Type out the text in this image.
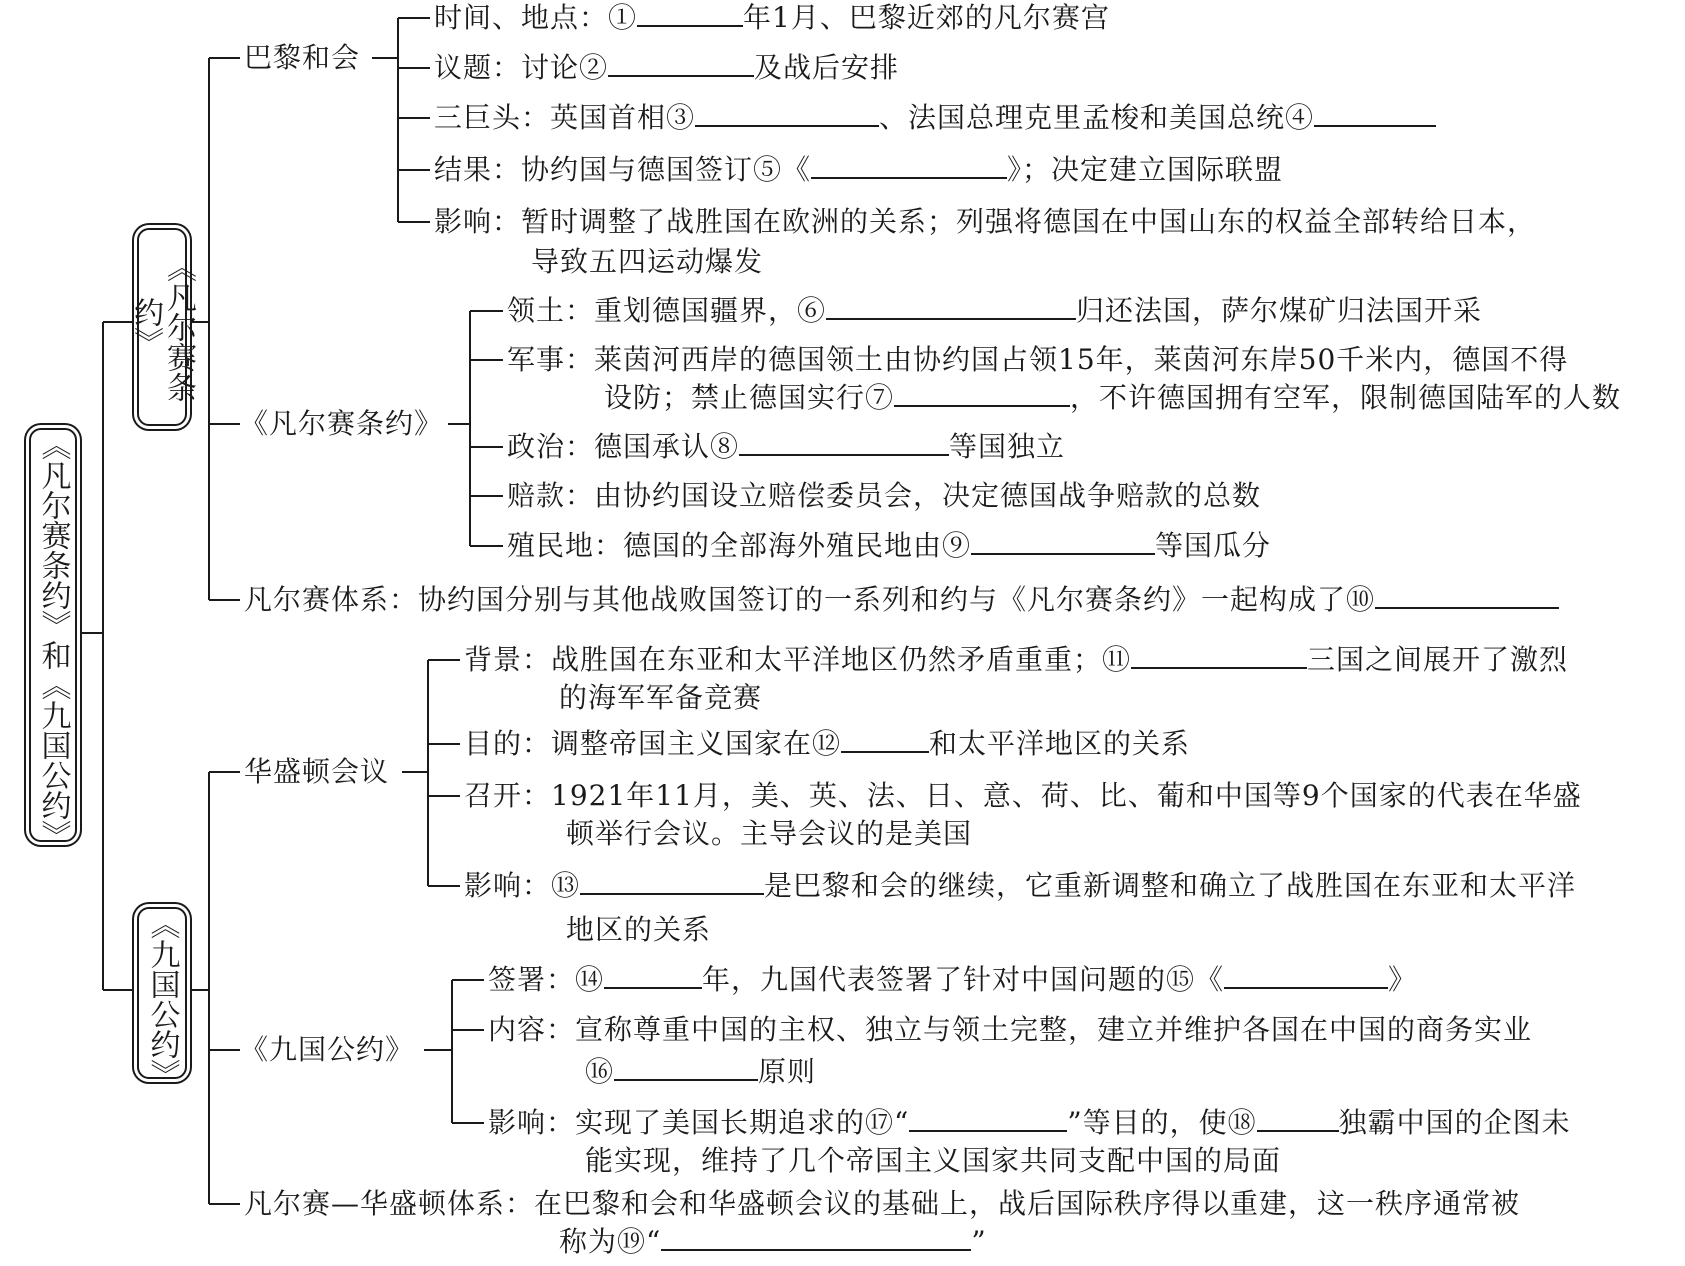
《凡尔赛条约》和《九国公约》
《凡尔赛条约》
《九国公约》
巴黎和会
时间、地点：①	年1月、巴黎近郊的凡尔赛宫
议题：讨论②	及战后安排
三巨头：英国首相③	、法国总理克里孟梭和美国总统④
结果：协约国与德国签订⑤《	》；决定建立国际联盟
影响：暂时调整了战胜国在欧洲的关系；列强将德国在中国山东的权益全部转给日本，
导致五四运动爆发
《凡尔赛条约》
领土：重划德国疆界，⑥	归还法国，萨尔煤矿归法国开采
军事：莱茵河西岸的德国领土由协约国占领15年，莱茵河东岸50千米内，德国不得
设防；禁止德国实行⑦	，不许德国拥有空军，限制德国陆军的人数
政治：德国承认⑧	等国独立
赔款：由协约国设立赔偿委员会，决定德国战争赔款的总数
殖民地：德国的全部海外殖民地由⑨	等国瓜分
凡尔赛体系：协约国分别与其他战败国签订的一系列和约与《凡尔赛条约》一起构成了⑩
华盛顿会议
背景：战胜国在东亚和太平洋地区仍然矛盾重重；⑪	三国之间展开了激烈
的海军军备竞赛
目的：调整帝国主义国家在⑫	和太平洋地区的关系
召开：1921年11月，美、英、法、日、意、荷、比、葡和中国等9个国家的代表在华盛
顿举行会议。主导会议的是美国
影响：⑬	是巴黎和会的继续，它重新调整和确立了战胜国在东亚和太平洋
地区的关系
《九国公约》
签署：⑭	年，九国代表签署了针对中国问题的⑮《	》
内容：宣称尊重中国的主权、独立与领土完整，建立并维护各国在中国的商务实业
⑯	原则
影响：实现了美国长期追求的⑰“	”等目的，使⑱	独霸中国的企图未
能实现，维持了几个帝国主义国家共同支配中国的局面
凡尔赛—华盛顿体系：在巴黎和会和华盛顿会议的基础上，战后国际秩序得以重建，这一秩序通常被
称为⑲“	”
